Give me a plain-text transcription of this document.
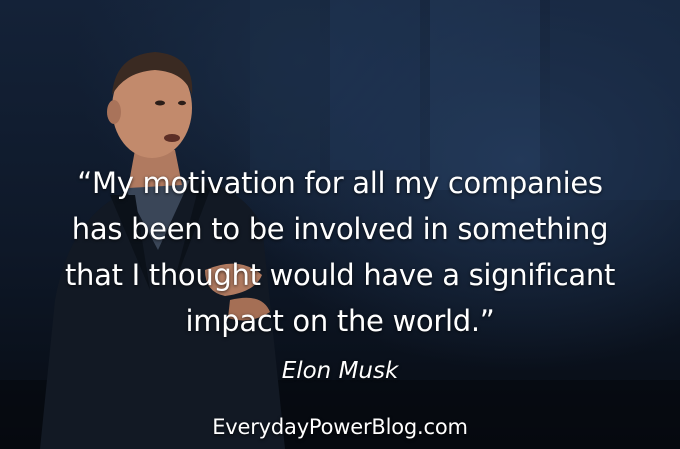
“My motivation for all my companies
has been to be involved in something
that I thought would have a significant
impact on the world.”

Elon Musk
EverydayPowerBlog.com
